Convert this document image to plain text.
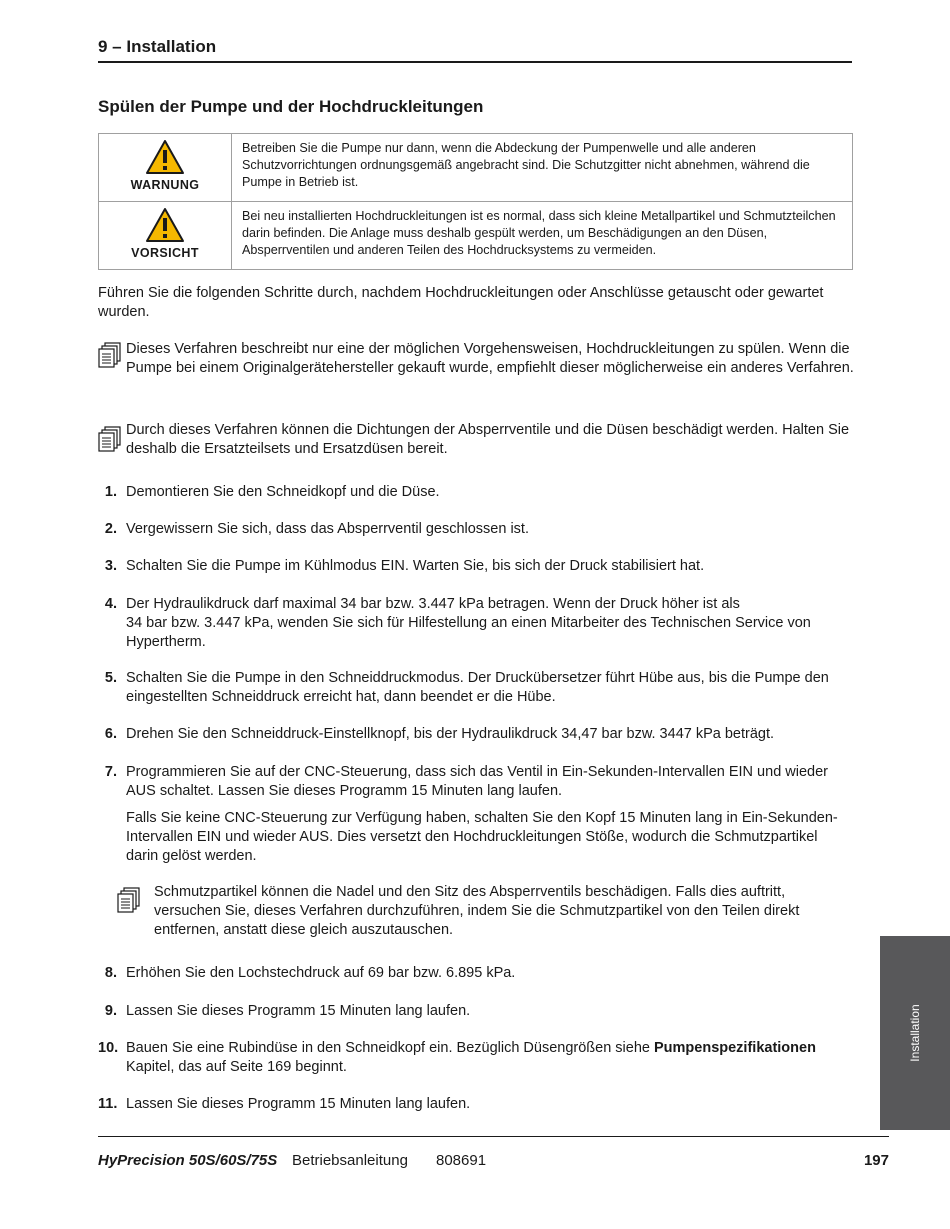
9 – Installation
Spülen der Pumpe und der Hochdruckleitungen
WARNUNG	Betreiben Sie die Pumpe nur dann, wenn die Abdeckung der Pumpenwelle und alle anderen Schutzvorrichtungen ordnungsgemäß angebracht sind. Die Schutzgitter nicht abnehmen, während die Pumpe in Betrieb ist.

VORSICHT	Bei neu installierten Hochdruckleitungen ist es normal, dass sich kleine Metallpartikel und Schmutzteilchen darin befinden. Die Anlage muss deshalb gespült werden, um Beschädigungen an den Düsen, Absperrventilen und anderen Teilen des Hochdrucksystems zu vermeiden.
Führen Sie die folgenden Schritte durch, nachdem Hochdruckleitungen oder Anschlüsse getauscht oder gewartet wurden.
Dieses Verfahren beschreibt nur eine der möglichen Vorgehensweisen, Hochdruckleitungen zu spülen. Wenn die Pumpe bei einem Originalgerätehersteller gekauft wurde, empfiehlt dieser möglicherweise ein anderes Verfahren.
Durch dieses Verfahren können die Dichtungen der Absperrventile und die Düsen beschädigt werden. Halten Sie deshalb die Ersatzteilsets und Ersatzdüsen bereit.
1. Demontieren Sie den Schneidkopf und die Düse.
2. Vergewissern Sie sich, dass das Absperrventil geschlossen ist.
3. Schalten Sie die Pumpe im Kühlmodus EIN. Warten Sie, bis sich der Druck stabilisiert hat.
4. Der Hydraulikdruck darf maximal 34 bar bzw. 3.447 kPa betragen. Wenn der Druck höher ist als
34 bar bzw. 3.447 kPa, wenden Sie sich für Hilfestellung an einen Mitarbeiter des Technischen Service von Hypertherm.
5. Schalten Sie die Pumpe in den Schneiddruckmodus. Der Druckübersetzer führt Hübe aus, bis die Pumpe den eingestellten Schneiddruck erreicht hat, dann beendet er die Hübe.
6. Drehen Sie den Schneiddruck-Einstellknopf, bis der Hydraulikdruck 34,47 bar bzw. 3447 kPa beträgt.
7. Programmieren Sie auf der CNC-Steuerung, dass sich das Ventil in Ein-Sekunden-Intervallen EIN und wieder AUS schaltet. Lassen Sie dieses Programm 15 Minuten lang laufen.
Falls Sie keine CNC-Steuerung zur Verfügung haben, schalten Sie den Kopf 15 Minuten lang in Ein-Sekunden-Intervallen EIN und wieder AUS. Dies versetzt den Hochdruckleitungen Stöße, wodurch die Schmutzpartikel darin gelöst werden.
Schmutzpartikel können die Nadel und den Sitz des Absperrventils beschädigen. Falls dies auftritt, versuchen Sie, dieses Verfahren durchzuführen, indem Sie die Schmutzpartikel von den Teilen direkt entfernen, anstatt diese gleich auszutauschen.
8. Erhöhen Sie den Lochstechdruck auf 69 bar bzw. 6.895 kPa.
9. Lassen Sie dieses Programm 15 Minuten lang laufen.
10. Bauen Sie eine Rubindüse in den Schneidkopf ein. Bezüglich Düsengrößen siehe Pumpenspezifikationen Kapitel, das auf Seite 169 beginnt.
11. Lassen Sie dieses Programm 15 Minuten lang laufen.
Installation
HyPrecision 50S/60S/75S Betriebsanleitung 808691	197
